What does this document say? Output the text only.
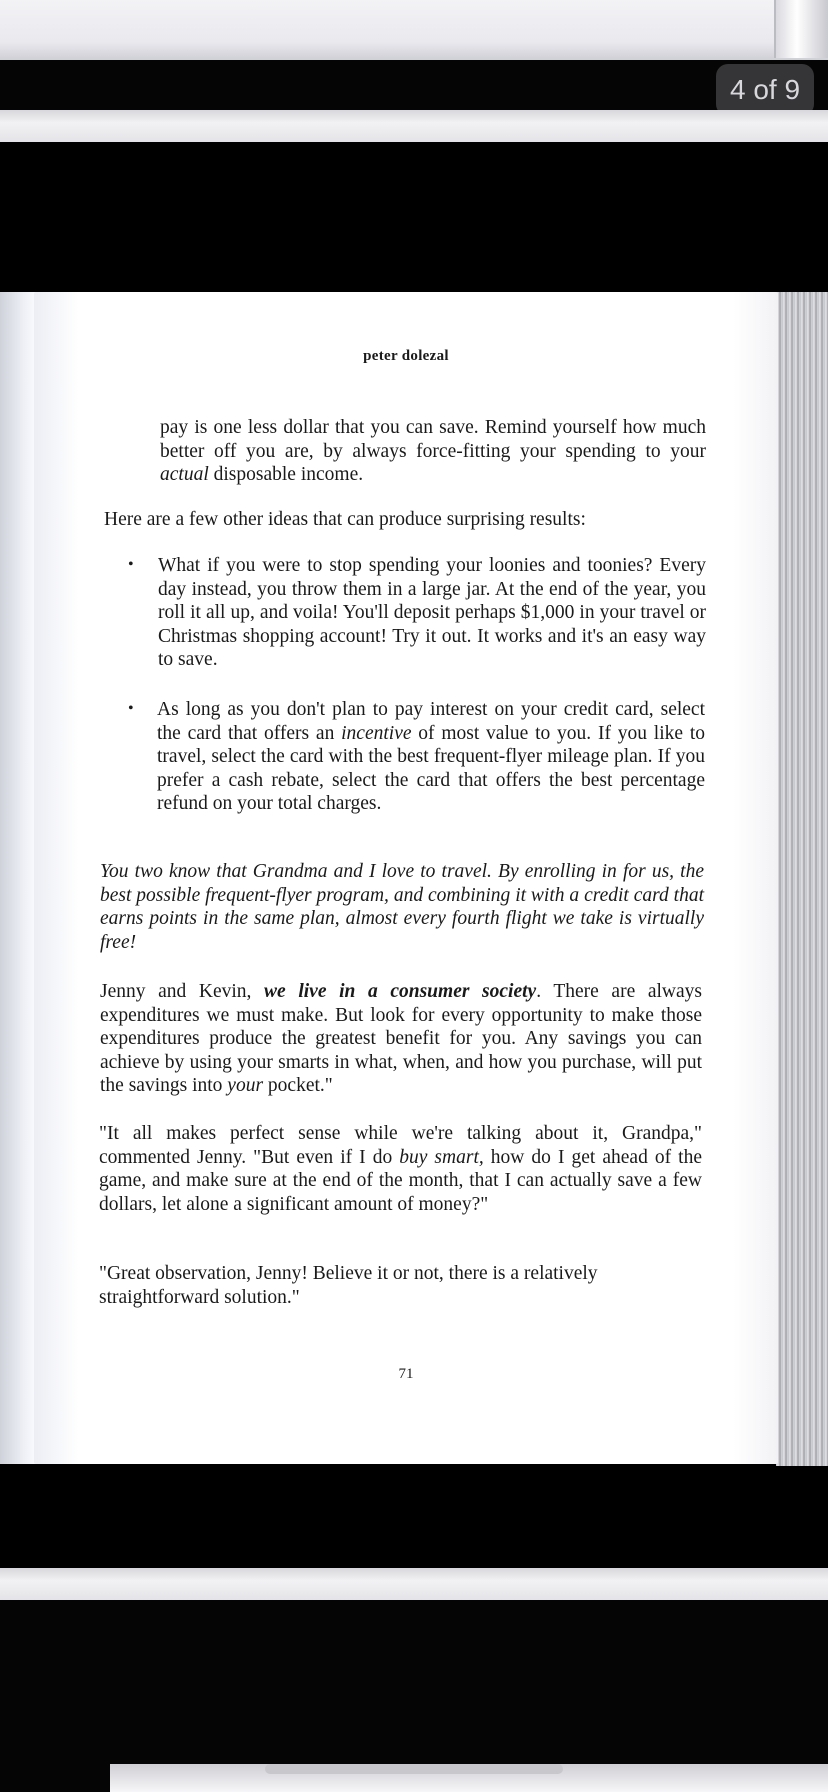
4 of 9
peter dolezal

pay is one less dollar that you can save. Remind yourself how much better off you are, by always force-fitting your spending to your actual disposable income.

Here are a few other ideas that can produce surprising results:

• What if you were to stop spending your loonies and toonies? Every day instead, you throw them in a large jar. At the end of the year, you roll it all up, and voila! You'll deposit perhaps $1,000 in your travel or Christmas shopping account! Try it out. It works and it's an easy way to save.

• As long as you don't plan to pay interest on your credit card, select the card that offers an incentive of most value to you. If you like to travel, select the card with the best frequent-flyer mileage plan. If you prefer a cash rebate, select the card that offers the best percentage refund on your total charges.

You two know that Grandma and I love to travel. By enrolling in for us, the best possible frequent-flyer program, and combining it with a credit card that earns points in the same plan, almost every fourth flight we take is virtually free!

Jenny and Kevin, we live in a consumer society. There are always expenditures we must make. But look for every opportunity to make those expenditures produce the greatest benefit for you. Any savings you can achieve by using your smarts in what, when, and how you purchase, will put the savings into your pocket."

"It all makes perfect sense while we're talking about it, Grandpa," commented Jenny. "But even if I do buy smart, how do I get ahead of the game, and make sure at the end of the month, that I can actually save a few dollars, let alone a significant amount of money?"

"Great observation, Jenny! Believe it or not, there is a relatively straightforward solution."

71
